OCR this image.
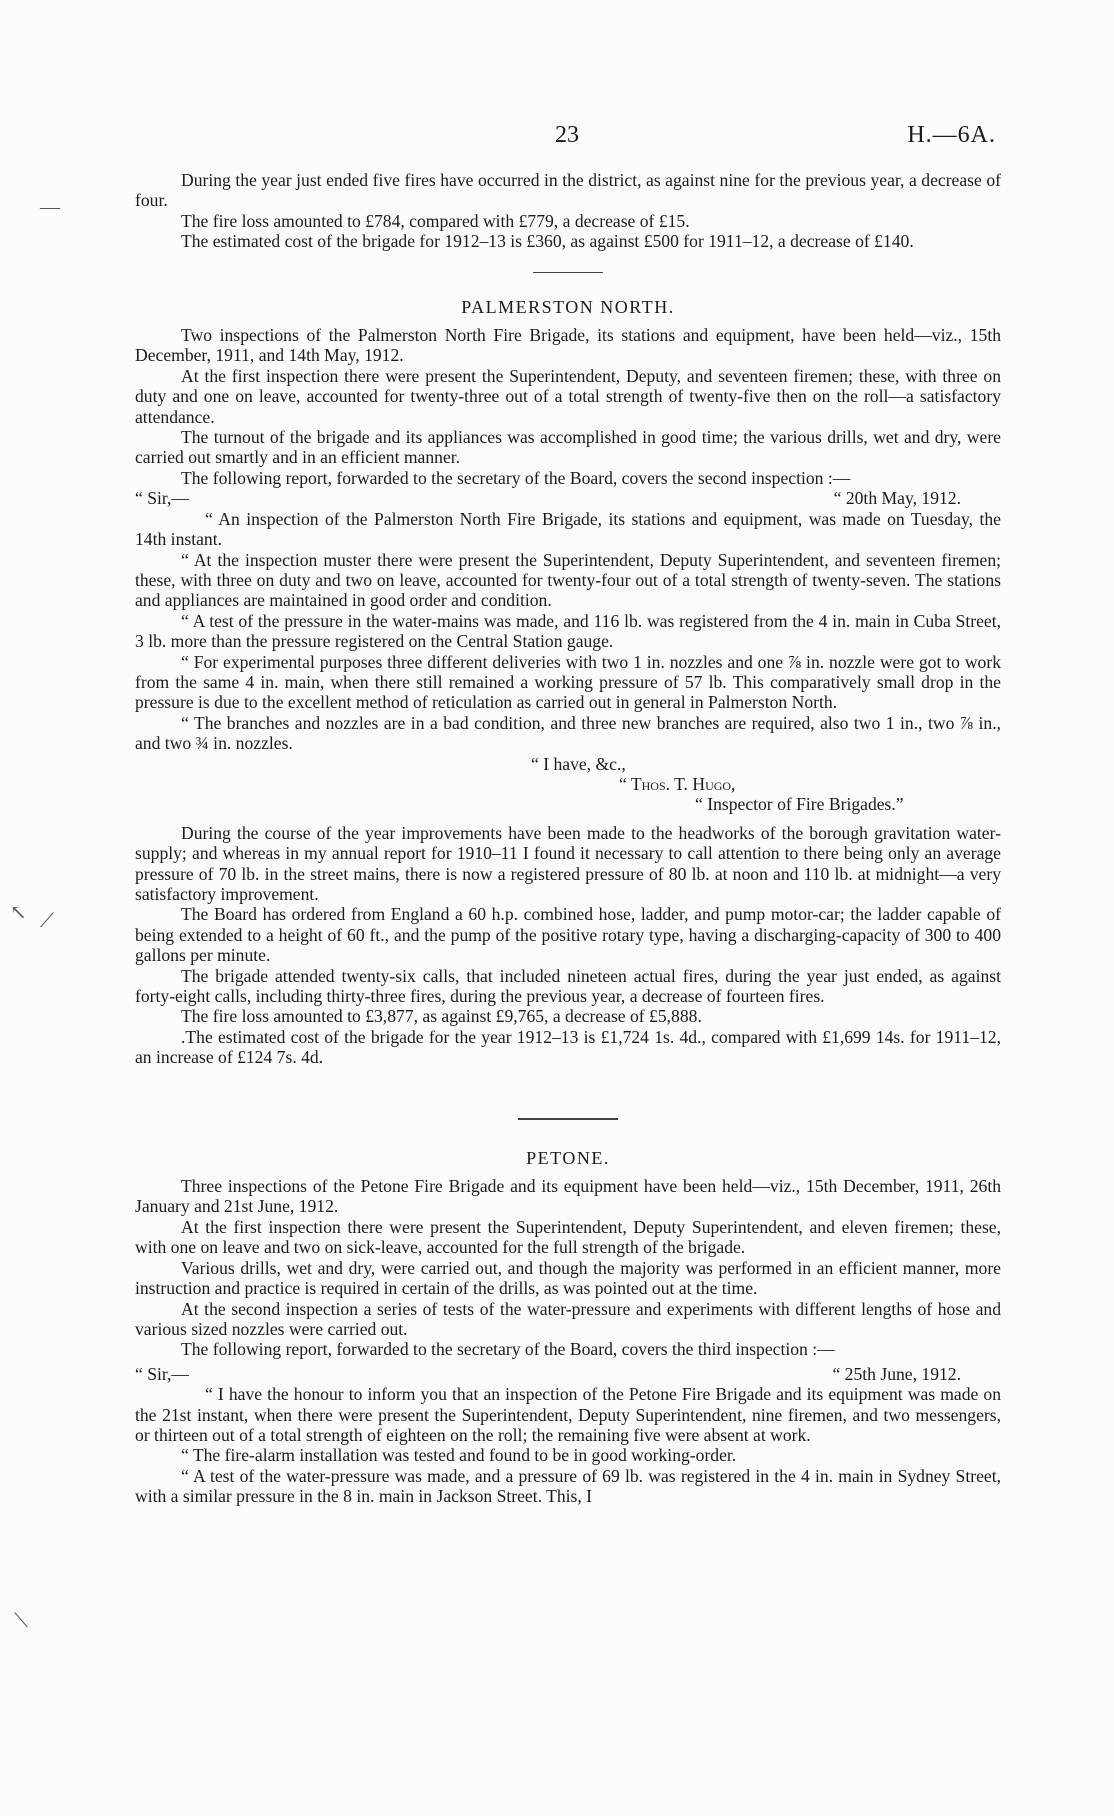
23	H.—6A.
—
↖ ⟋
⟍

During the year just ended five fires have occurred in the district, as against nine for the previous year, a decrease of four.

The fire loss amounted to £784, compared with £779, a decrease of £15.

The estimated cost of the brigade for 1912–13 is £360, as against £500 for 1911–12, a decrease of £140.

PALMERSTON NORTH.

Two inspections of the Palmerston North Fire Brigade, its stations and equipment, have been held—viz., 15th December, 1911, and 14th May, 1912.

At the first inspection there were present the Superintendent, Deputy, and seventeen firemen; these, with three on duty and one on leave, accounted for twenty-three out of a total strength of twenty-five then on the roll—a satisfactory attendance.

The turnout of the brigade and its appliances was accomplished in good time; the various drills, wet and dry, were carried out smartly and in an efficient manner.

The following report, forwarded to the secretary of the Board, covers the second inspection :—

“ Sir,—	“ 20th May, 1912.

“ An inspection of the Palmerston North Fire Brigade, its stations and equipment, was made on Tuesday, the 14th instant.

“ At the inspection muster there were present the Superintendent, Deputy Superintendent, and seventeen firemen; these, with three on duty and two on leave, accounted for twenty-four out of a total strength of twenty-seven. The stations and appliances are maintained in good order and condition.

“ A test of the pressure in the water-mains was made, and 116 lb. was registered from the 4 in. main in Cuba Street, 3 lb. more than the pressure registered on the Central Station gauge.

“ For experimental purposes three different deliveries with two 1 in. nozzles and one ⅞ in. nozzle were got to work from the same 4 in. main, when there still remained a working pressure of 57 lb. This comparatively small drop in the pressure is due to the excellent method of reticulation as carried out in general in Palmerston North.

“ The branches and nozzles are in a bad condition, and three new branches are required, also two 1 in., two ⅞ in., and two ¾ in. nozzles.

“ I have, &c.,
“ Thos. T. Hugo,
“ Inspector of Fire Brigades.”

During the course of the year improvements have been made to the headworks of the borough gravitation water-supply; and whereas in my annual report for 1910–11 I found it necessary to call attention to there being only an average pressure of 70 lb. in the street mains, there is now a registered pressure of 80 lb. at noon and 110 lb. at midnight—a very satisfactory improvement.

The Board has ordered from England a 60 h.p. combined hose, ladder, and pump motor-car; the ladder capable of being extended to a height of 60 ft., and the pump of the positive rotary type, having a discharging-capacity of 300 to 400 gallons per minute.

The brigade attended twenty-six calls, that included nineteen actual fires, during the year just ended, as against forty-eight calls, including thirty-three fires, during the previous year, a decrease of fourteen fires.

The fire loss amounted to £3,877, as against £9,765, a decrease of £5,888.

.The estimated cost of the brigade for the year 1912–13 is £1,724 1s. 4d., compared with £1,699 14s. for 1911–12, an increase of £124 7s. 4d.

PETONE.

Three inspections of the Petone Fire Brigade and its equipment have been held—viz., 15th December, 1911, 26th January and 21st June, 1912.

At the first inspection there were present the Superintendent, Deputy Superintendent, and eleven firemen; these, with one on leave and two on sick-leave, accounted for the full strength of the brigade.

Various drills, wet and dry, were carried out, and though the majority was performed in an efficient manner, more instruction and practice is required in certain of the drills, as was pointed out at the time.

At the second inspection a series of tests of the water-pressure and experiments with different lengths of hose and various sized nozzles were carried out.

The following report, forwarded to the secretary of the Board, covers the third inspection :—

“ Sir,—	“ 25th June, 1912.

“ I have the honour to inform you that an inspection of the Petone Fire Brigade and its equipment was made on the 21st instant, when there were present the Superintendent, Deputy Superintendent, nine firemen, and two messengers, or thirteen out of a total strength of eighteen on the roll; the remaining five were absent at work.

“ The fire-alarm installation was tested and found to be in good working-order.

“ A test of the water-pressure was made, and a pressure of 69 lb. was registered in the 4 in. main in Sydney Street, with a similar pressure in the 8 in. main in Jackson Street. This, I
